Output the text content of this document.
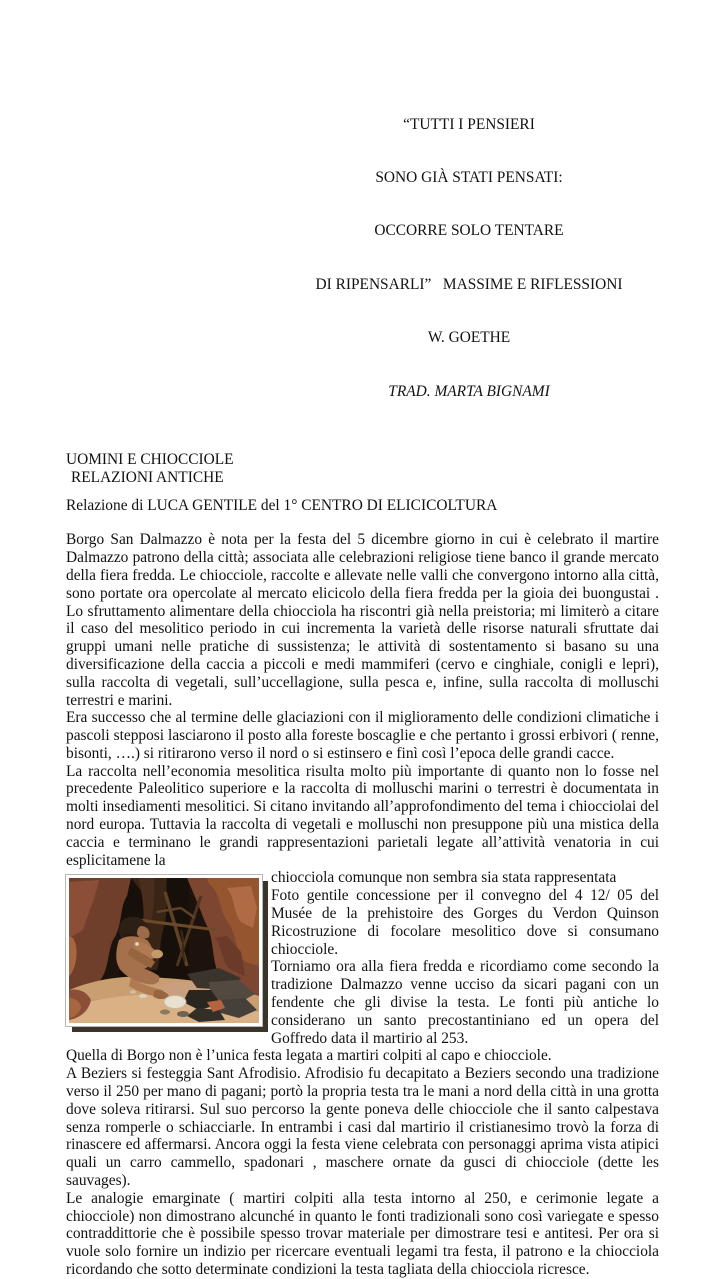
“TUTTI I PENSIERI

SONO GIÀ STATI PENSATI:

OCCORRE SOLO TENTARE

DI RIPENSARLI”   MASSIME E RIFLESSIONI

W. GOETHE

TRAD. MARTA BIGNAMI

UOMINI E CHIOCCIOLE
RELAZIONI ANTICHE
Relazione di LUCA GENTILE del 1° CENTRO DI ELICICOLTURA

Borgo San Dalmazzo è nota per la festa del 5 dicembre giorno in cui è celebrato il martire Dalmazzo patrono della città; associata alle celebrazioni religiose tiene banco il grande mercato della fiera fredda. Le chiocciole, raccolte e allevate nelle valli che convergono intorno alla città, sono portate ora opercolate al mercato elicicolo della fiera fredda per la gioia dei buongustai . Lo sfruttamento alimentare della chiocciola ha riscontri già nella preistoria; mi limiterò a citare il caso del mesolitico periodo in cui incrementa la varietà delle risorse naturali sfruttate dai gruppi umani nelle pratiche di sussistenza; le attività di sostentamento si basano su una diversificazione della caccia a piccoli e medi mammiferi (cervo e cinghiale, conigli e lepri), sulla raccolta di vegetali, sull’uccellagione, sulla pesca e, infine, sulla raccolta di molluschi terrestri e marini.

Era successo che al termine delle glaciazioni con il miglioramento delle condizioni climatiche i pascoli stepposi lasciarono il posto alla foreste boscaglie e che pertanto i grossi erbivori ( renne, bisonti, ….) si ritirarono verso il nord o si estinsero e finì così l’epoca delle grandi cacce.

La raccolta nell’economia mesolitica risulta molto più importante di quanto non lo fosse nel precedente Paleolitico superiore e la raccolta di molluschi marini o terrestri è documentata in molti insediamenti mesolitici. Si citano invitando all’approfondimento del tema i chiocciolai del nord europa. Tuttavia la raccolta di vegetali e molluschi non presuppone più una mistica della caccia e terminano le grandi rappresentazioni parietali legate all’attività venatoria in cui esplicitamene la

chiocciola comunque non sembra sia stata rappresentata

Foto gentile concessione per il convegno del 4 12/ 05 del Musée de la prehistoire des Gorges du Verdon Quinson Ricostruzione di focolare mesolitico dove si consumano chiocciole.

Torniamo ora alla fiera fredda e ricordiamo come secondo la tradizione Dalmazzo venne ucciso da sicari pagani con un fendente che gli divise la testa. Le fonti più antiche lo considerano un santo precostantiniano ed un opera del Goffredo data il martirio al 253.

Quella di Borgo non è l’unica festa legata a martiri colpiti al capo e chiocciole.

A Beziers si festeggia Sant Afrodisio. Afrodisio fu decapitato a Beziers secondo una tradizione verso il 250 per mano di pagani; portò la propria testa tra le mani a nord della città in una grotta dove soleva ritirarsi. Sul suo percorso la gente poneva delle chiocciole che il santo calpestava senza romperle o schiacciarle. In entrambi i casi dal martirio il cristianesimo trovò la forza di rinascere ed affermarsi. Ancora oggi la festa viene celebrata con personaggi aprima vista atipici quali un carro cammello, spadonari , maschere ornate da gusci di chiocciole (dette les sauvages).

Le analogie emarginate ( martiri colpiti alla testa intorno al 250, e cerimonie legate a chiocciole) non dimostrano alcunché in quanto le fonti tradizionali sono così variegate e spesso contraddittorie che è possibile spesso trovar materiale per dimostrare tesi e antitesi. Per ora si vuole solo fornire un indizio per ricercare eventuali legami tra festa, il patrono e la chiocciola ricordando che sotto determinate condizioni la testa tagliata della chiocciola ricresce.
